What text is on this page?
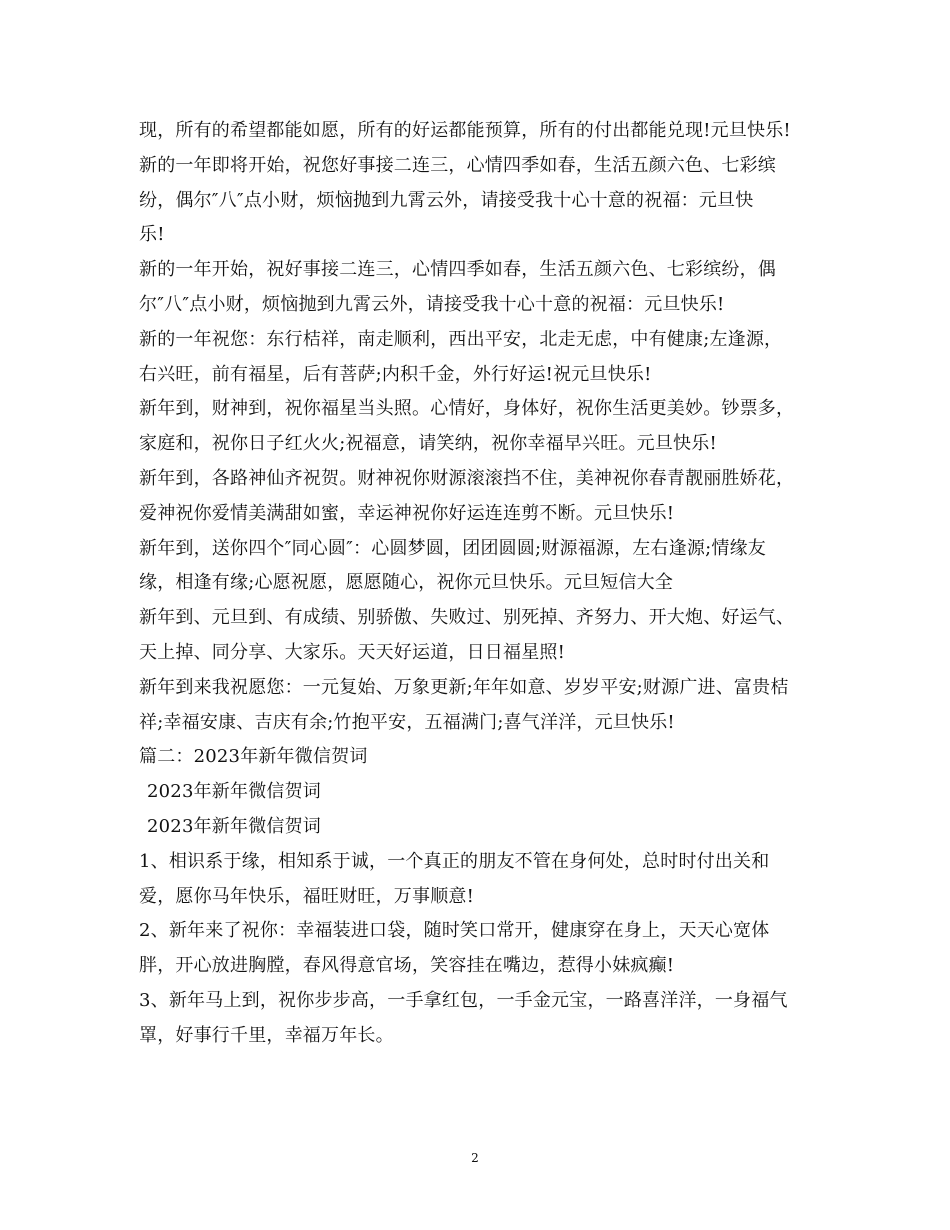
现，所有的希望都能如愿，所有的好运都能预算，所有的付出都能兑现!元旦快乐!
新的一年即将开始，祝您好事接二连三，心情四季如春，生活五颜六色、七彩缤
纷，偶尔″八″点小财，烦恼抛到九霄云外，请接受我十心十意的祝福：元旦快
乐!
新的一年开始，祝好事接二连三，心情四季如春，生活五颜六色、七彩缤纷，偶
尔″八″点小财，烦恼抛到九霄云外，请接受我十心十意的祝福：元旦快乐!
新的一年祝您：东行桔祥，南走顺利，西出平安，北走无虑，中有健康;左逢源，
右兴旺，前有福星，后有菩萨;内积千金，外行好运!祝元旦快乐!
新年到，财神到，祝你福星当头照。心情好，身体好，祝你生活更美妙。钞票多，
家庭和，祝你日子红火火;祝福意，请笑纳，祝你幸福早兴旺。元旦快乐!
新年到，各路神仙齐祝贺。财神祝你财源滚滚挡不住，美神祝你春青靓丽胜娇花，
爱神祝你爱情美满甜如蜜，幸运神祝你好运连连剪不断。元旦快乐!
新年到，送你四个″同心圆″：心圆梦圆，团团圆圆;财源福源，左右逢源;情缘友
缘，相逢有缘;心愿祝愿，愿愿随心，祝你元旦快乐。元旦短信大全
新年到、元旦到、有成绩、别骄傲、失败过、别死掉、齐努力、开大炮、好运气、
天上掉、同分享、大家乐。天天好运道，日日福星照!
新年到来我祝愿您：一元复始、万象更新;年年如意、岁岁平安;财源广进、富贵桔
祥;幸福安康、吉庆有余;竹抱平安，五福满门;喜气洋洋，元旦快乐!
篇二：2023年新年微信贺词
2023年新年微信贺词
2023年新年微信贺词
1、相识系于缘，相知系于诚，一个真正的朋友不管在身何处，总时时付出关和
爱，愿你马年快乐，福旺财旺，万事顺意!
2、新年来了祝你：幸福装进口袋，随时笑口常开，健康穿在身上，天天心宽体
胖，开心放进胸膛，春风得意官场，笑容挂在嘴边，惹得小妹疯癫!
3、新年马上到，祝你步步高，一手拿红包，一手金元宝，一路喜洋洋，一身福气
罩，好事行千里，幸福万年长。
2
